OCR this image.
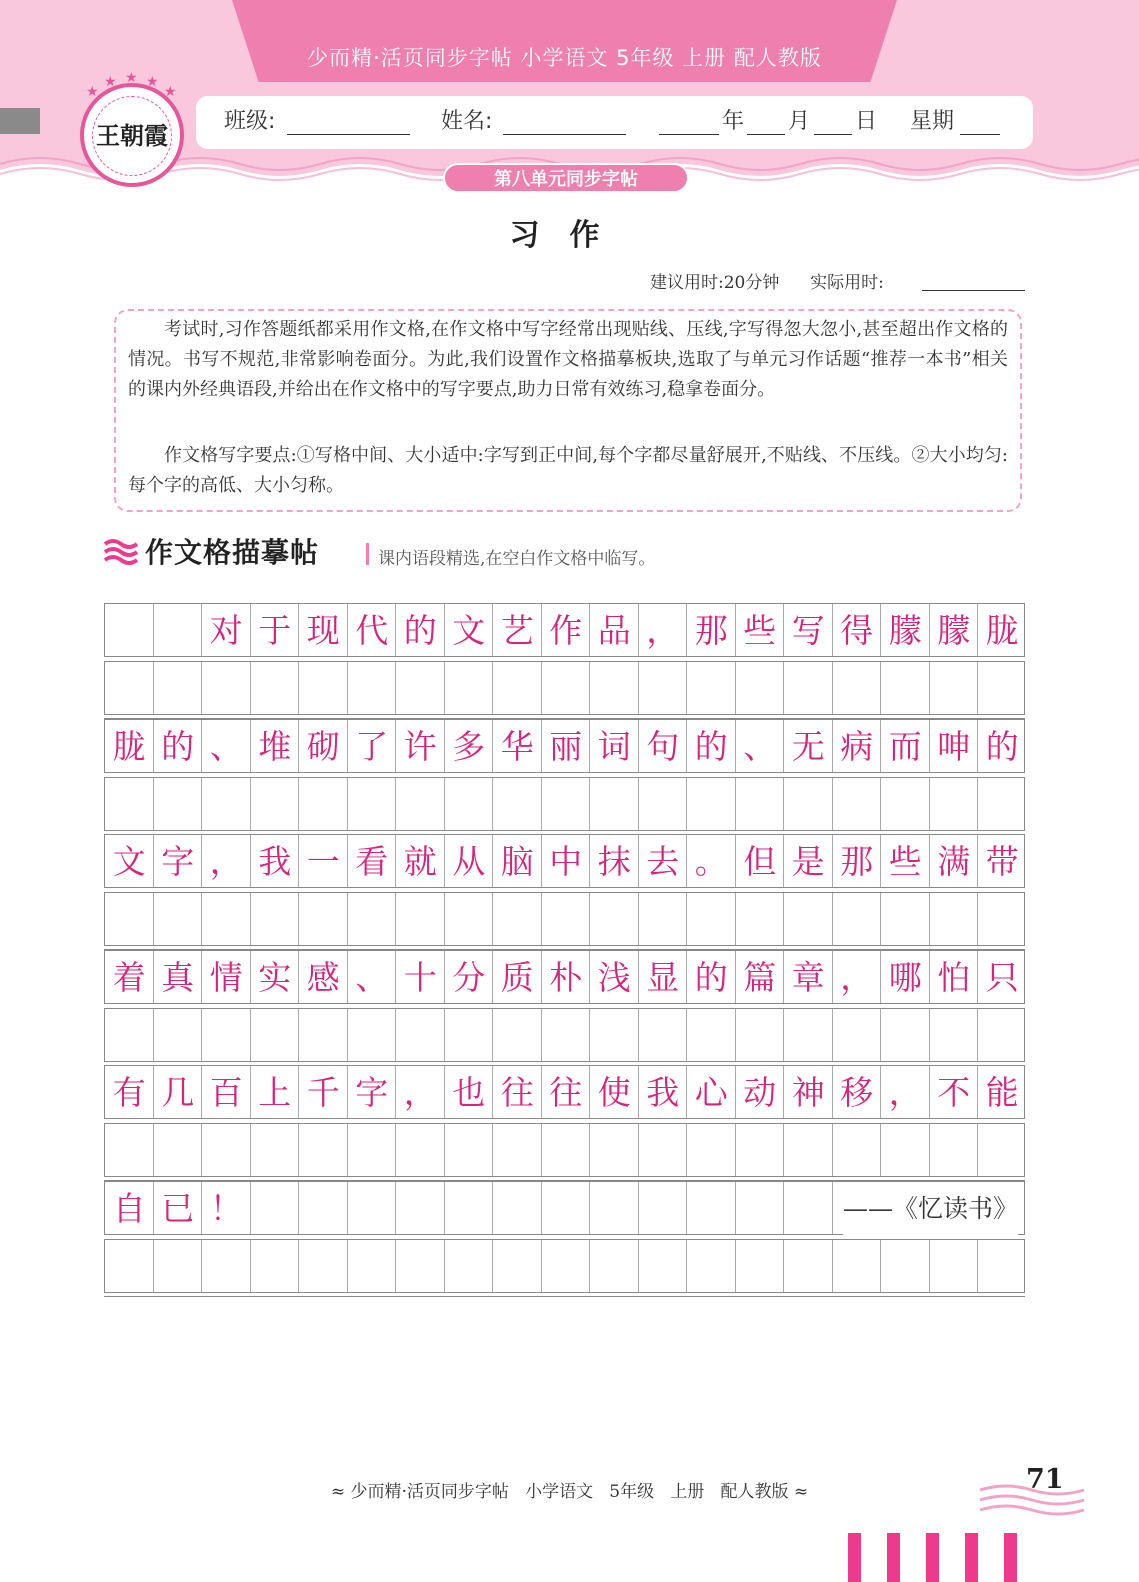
少而精·活页同步字帖 小学语文 5年级 上册 配人教版
班级:	姓名:	年 月 日 星期
第八单元同步字帖
王朝霞
★
★ ★ ★
★
习作
建议用时:20分钟 实际用时:
考试时,习作答题纸都采用作文格,在作文格中写字经常出现贴线、压线,字写得忽大忽小,甚至超出作文格的情况。书写不规范,非常影响卷面分。为此,我们设置作文格描摹板块,选取了与单元习作话题“推荐一本书”相关的课内外经典语段,并给出在作文格中的写字要点,助力日常有效练习,稳拿卷面分。
作文格写字要点:①写格中间、大小适中:字写到正中间,每个字都尽量舒展开,不贴线、不压线。②大小均匀:每个字的高低、大小匀称。
作文格描摹帖	课内语段精选,在空白作文格中临写。
对 于 现 代 的 文 艺 作 品 ， 那 些 写 得 朦 朦 胧
胧 的 、 堆 砌 了 许 多 华 丽 词 句 的 、 无 病 而 呻 的
文 字 ， 我 一 看 就 从 脑 中 抹 去 。 但 是 那 些 满 带
着 真 情 实 感 、 十 分 质 朴 浅 显 的 篇 章 ， 哪 怕 只
有 几 百 上 千 字 ， 也 往 往 使 我 心 动 神 移 ， 不 能
自 已 ！	——《忆读书》
≈ 少而精·活页同步字帖   小学语文   5年级   上册   配人教版 ≈	71
